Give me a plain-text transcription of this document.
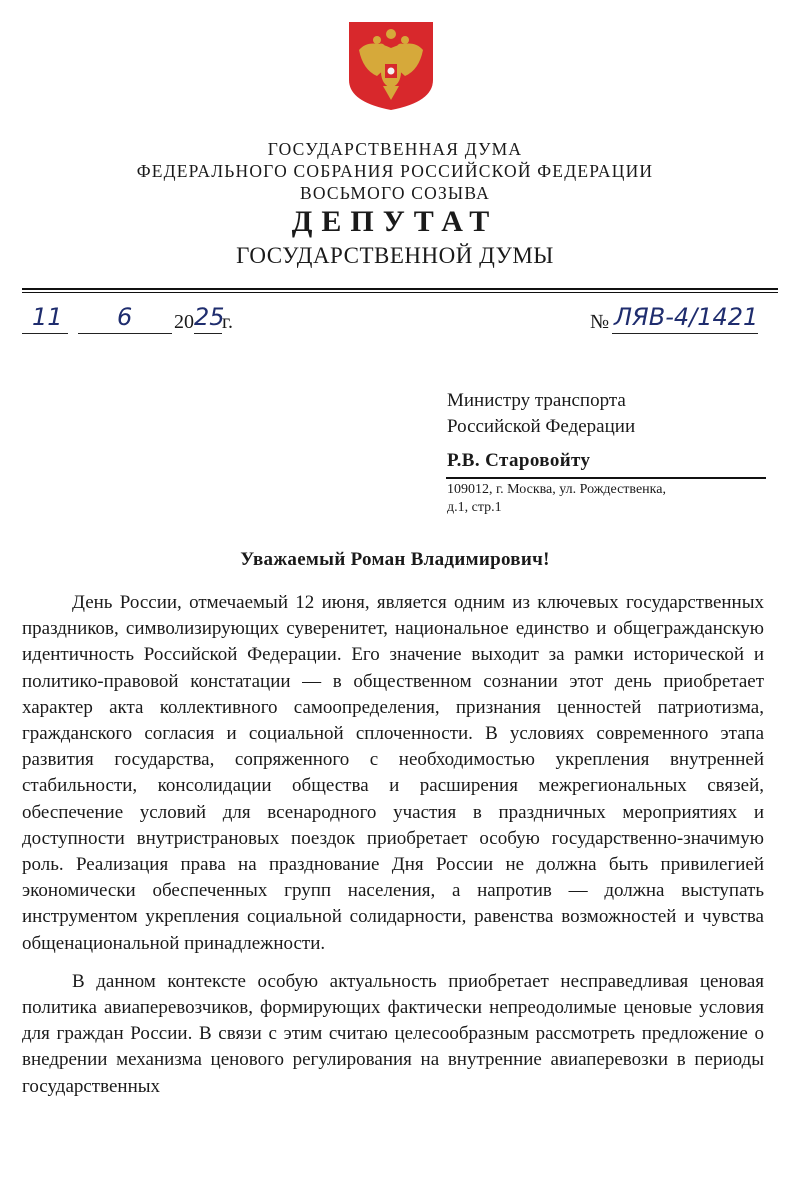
ГОСУДАРСТВЕННАЯ ДУМА
ФЕДЕРАЛЬНОГО СОБРАНИЯ РОССИЙСКОЙ ФЕДЕРАЦИИ
ВОСЬМОГО СОЗЫВА
ДЕПУТАТ
ГОСУДАРСТВЕННОЙ ДУМЫ
11 6 20 25
г.	№ ЛЯВ-4/1421
Министру транспорта
Российской Федерации
Р.В. Старовойту
109012, г. Москва, ул. Рождественка,
д.1, стр.1
Уважаемый Роман Владимирович!

День России, отмечаемый 12 июня, является одним из ключевых государственных праздников, символизирующих суверенитет, национальное единство и общегражданскую идентичность Российской Федерации. Его значение выходит за рамки исторической и политико-правовой констатации — в общественном сознании этот день приобретает характер акта коллективного самоопределения, признания ценностей патриотизма, гражданского согласия и социальной сплоченности. В условиях современного этапа развития государства, сопряженного с необходимостью укрепления внутренней стабильности, консолидации общества и расширения межрегиональных связей, обеспечение условий для всенародного участия в праздничных мероприятиях и доступности внутристрановых поездок приобретает особую государственно-значимую роль. Реализация права на празднование Дня России не должна быть привилегией экономически обеспеченных групп населения, а напротив — должна выступать инструментом укрепления социальной солидарности, равенства возможностей и чувства общенациональной принадлежности.

В данном контексте особую актуальность приобретает несправедливая ценовая политика авиаперевозчиков, формирующих фактически непреодолимые ценовые условия для граждан России. В связи с этим считаю целесообразным рассмотреть предложение о внедрении механизма ценового регулирования на внутренние авиаперевозки в периоды государственных
